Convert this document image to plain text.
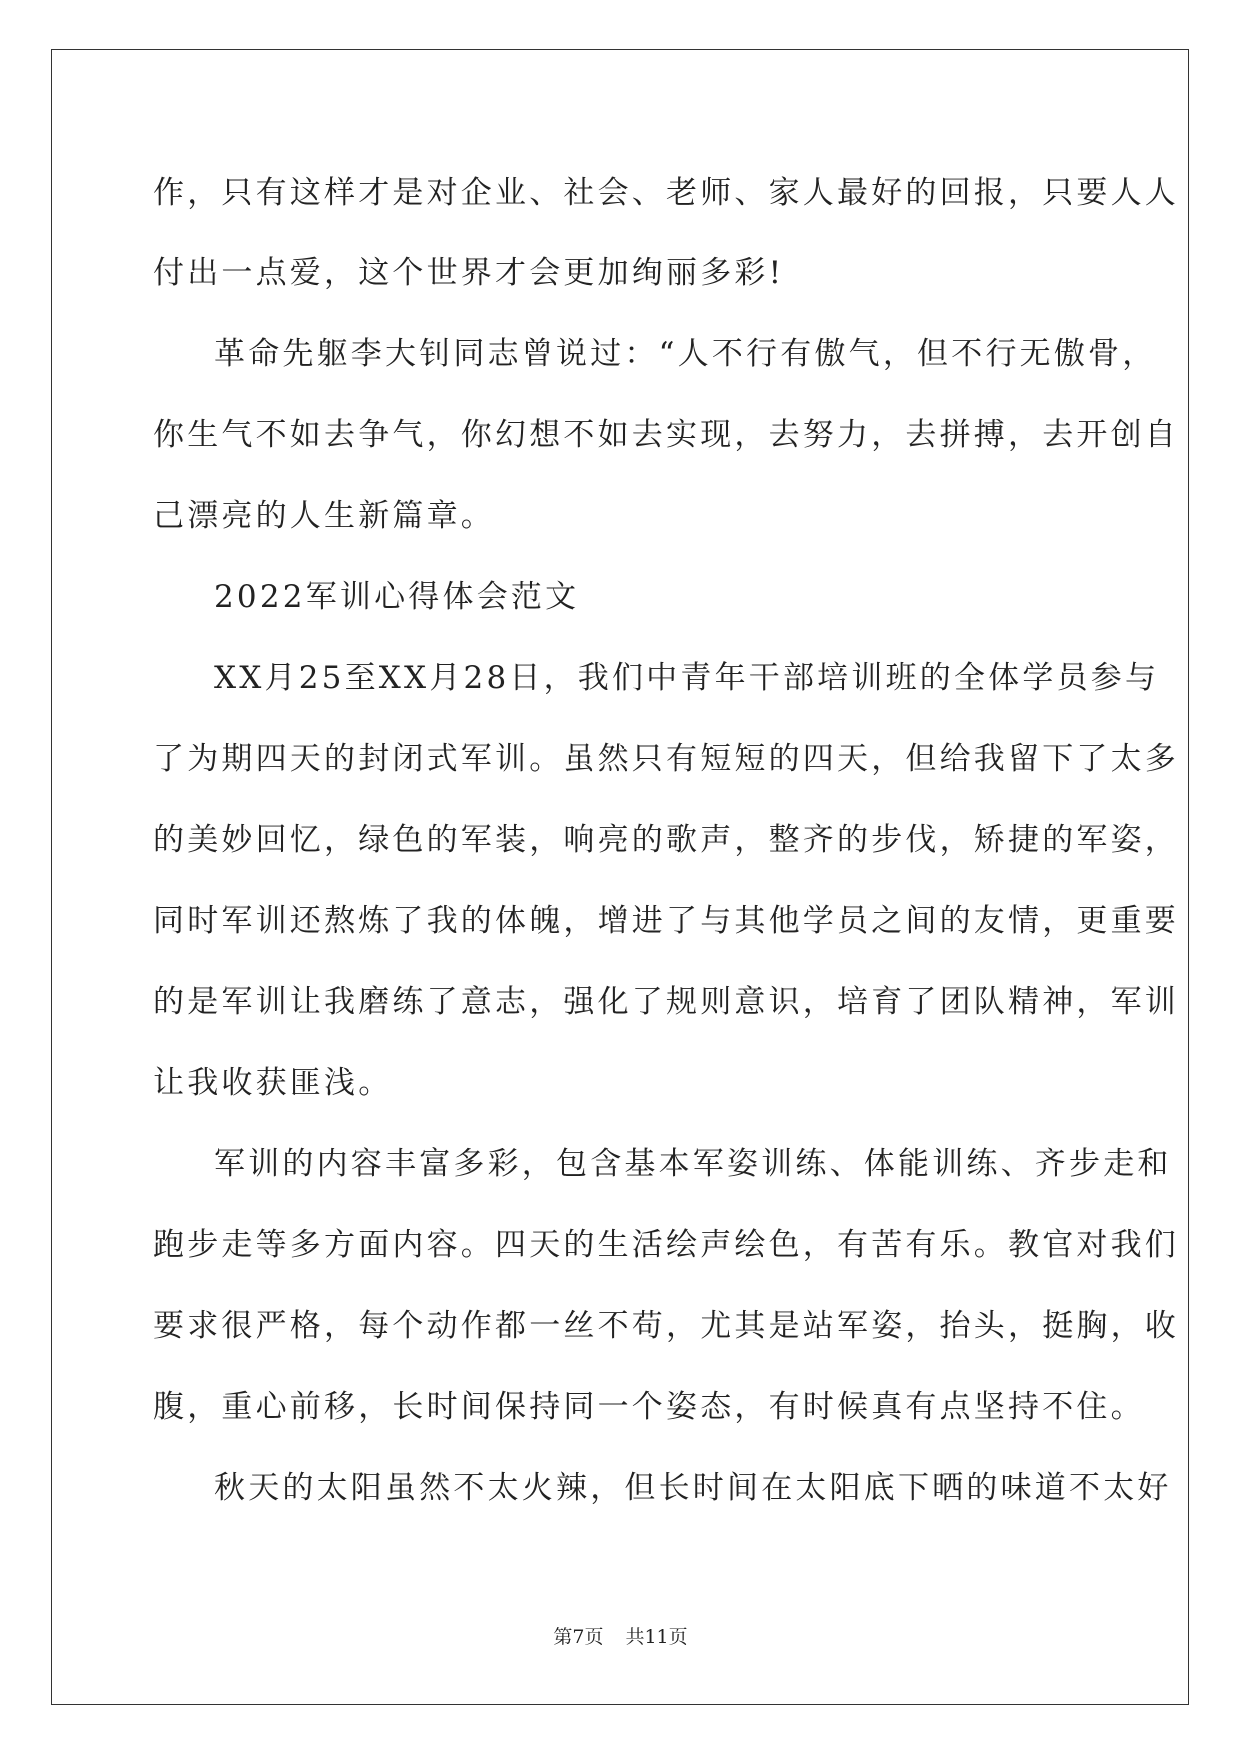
作，只有这样才是对企业、社会、老师、家人最好的回报，只要人人
付出一点爱，这个世界才会更加绚丽多彩!
革命先躯李大钊同志曾说过：“人不行有傲气，但不行无傲骨，
你生气不如去争气，你幻想不如去实现，去努力，去拼搏，去开创自
己漂亮的人生新篇章。
2022军训心得体会范文
XX月25至XX月28日，我们中青年干部培训班的全体学员参与
了为期四天的封闭式军训。虽然只有短短的四天，但给我留下了太多
的美妙回忆，绿色的军装，响亮的歌声，整齐的步伐，矫捷的军姿，
同时军训还熬炼了我的体魄，增进了与其他学员之间的友情，更重要
的是军训让我磨练了意志，强化了规则意识，培育了团队精神，军训
让我收获匪浅。
军训的内容丰富多彩，包含基本军姿训练、体能训练、齐步走和
跑步走等多方面内容。四天的生活绘声绘色，有苦有乐。教官对我们
要求很严格，每个动作都一丝不苟，尤其是站军姿，抬头，挺胸，收
腹，重心前移，长时间保持同一个姿态，有时候真有点坚持不住。
秋天的太阳虽然不太火辣，但长时间在太阳底下晒的味道不太好
第7页 共11页
